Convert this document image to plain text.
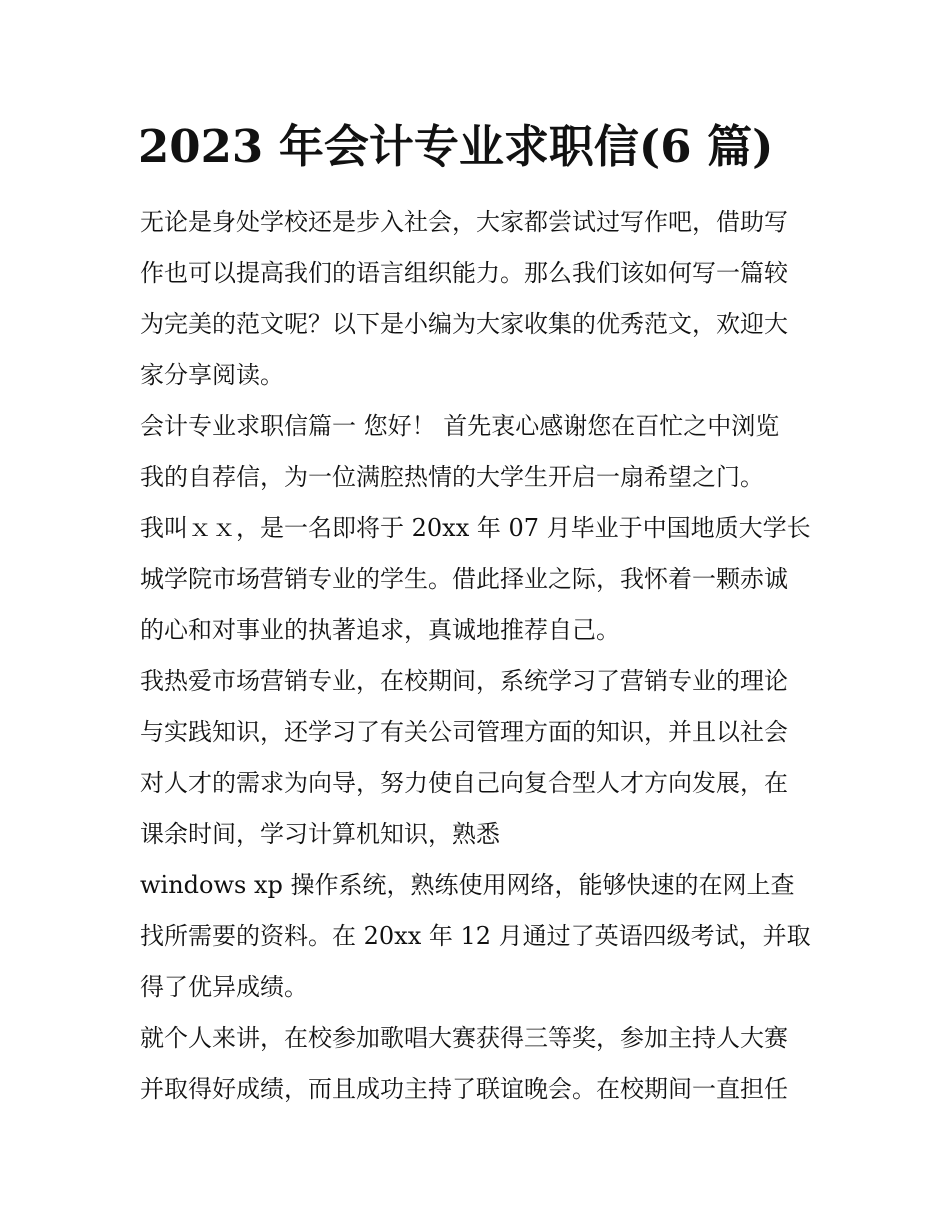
2023 年会计专业求职信(6 篇)

无论是身处学校还是步入社会，大家都尝试过写作吧，借助写

作也可以提高我们的语言组织能力。那么我们该如何写一篇较

为完美的范文呢？以下是小编为大家收集的优秀范文，欢迎大

家分享阅读。

会计专业求职信篇一 您好！ 首先衷心感谢您在百忙之中浏览

我的自荐信，为一位满腔热情的大学生开启一扇希望之门。

我叫ｘｘ，是一名即将于 20xx 年 07 月毕业于中国地质大学长

城学院市场营销专业的学生。借此择业之际，我怀着一颗赤诚

的心和对事业的执著追求，真诚地推荐自己。

我热爱市场营销专业，在校期间，系统学习了营销专业的理论

与实践知识，还学习了有关公司管理方面的知识，并且以社会

对人才的需求为向导，努力使自己向复合型人才方向发展，在

课余时间，学习计算机知识，熟悉

windows xp 操作系统，熟练使用网络，能够快速的在网上查

找所需要的资料。在 20xx 年 12 月通过了英语四级考试，并取

得了优异成绩。

就个人来讲，在校参加歌唱大赛获得三等奖，参加主持人大赛

并取得好成绩，而且成功主持了联谊晚会。在校期间一直担任
